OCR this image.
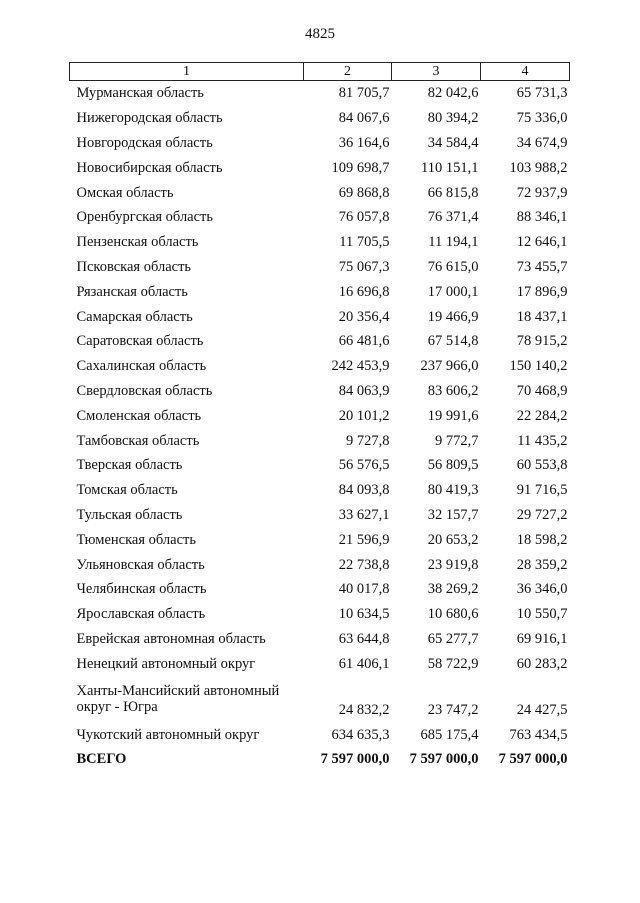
4825
1	2	3	4
Мурманская область	81 705,7	82 042,6	65 731,3
Нижегородская область	84 067,6	80 394,2	75 336,0
Новгородская область	36 164,6	34 584,4	34 674,9
Новосибирская область	109 698,7	110 151,1	103 988,2
Омская область	69 868,8	66 815,8	72 937,9
Оренбургская область	76 057,8	76 371,4	88 346,1
Пензенская область	11 705,5	11 194,1	12 646,1
Псковская область	75 067,3	76 615,0	73 455,7
Рязанская область	16 696,8	17 000,1	17 896,9
Самарская область	20 356,4	19 466,9	18 437,1
Саратовская область	66 481,6	67 514,8	78 915,2
Сахалинская область	242 453,9	237 966,0	150 140,2
Свердловская область	84 063,9	83 606,2	70 468,9
Смоленская область	20 101,2	19 991,6	22 284,2
Тамбовская область	9 727,8	9 772,7	11 435,2
Тверская область	56 576,5	56 809,5	60 553,8
Томская область	84 093,8	80 419,3	91 716,5
Тульская область	33 627,1	32 157,7	29 727,2
Тюменская область	21 596,9	20 653,2	18 598,2
Ульяновская область	22 738,8	23 919,8	28 359,2
Челябинская область	40 017,8	38 269,2	36 346,0
Ярославская область	10 634,5	10 680,6	10 550,7
Еврейская автономная область	63 644,8	65 277,7	69 916,1
Ненецкий автономный округ	61 406,1	58 722,9	60 283,2
Ханты-Мансийский автономный округ - Югра	24 832,2	23 747,2	24 427,5
Чукотский автономный округ	634 635,3	685 175,4	763 434,5
ВСЕГО	7 597 000,0	7 597 000,0	7 597 000,0
